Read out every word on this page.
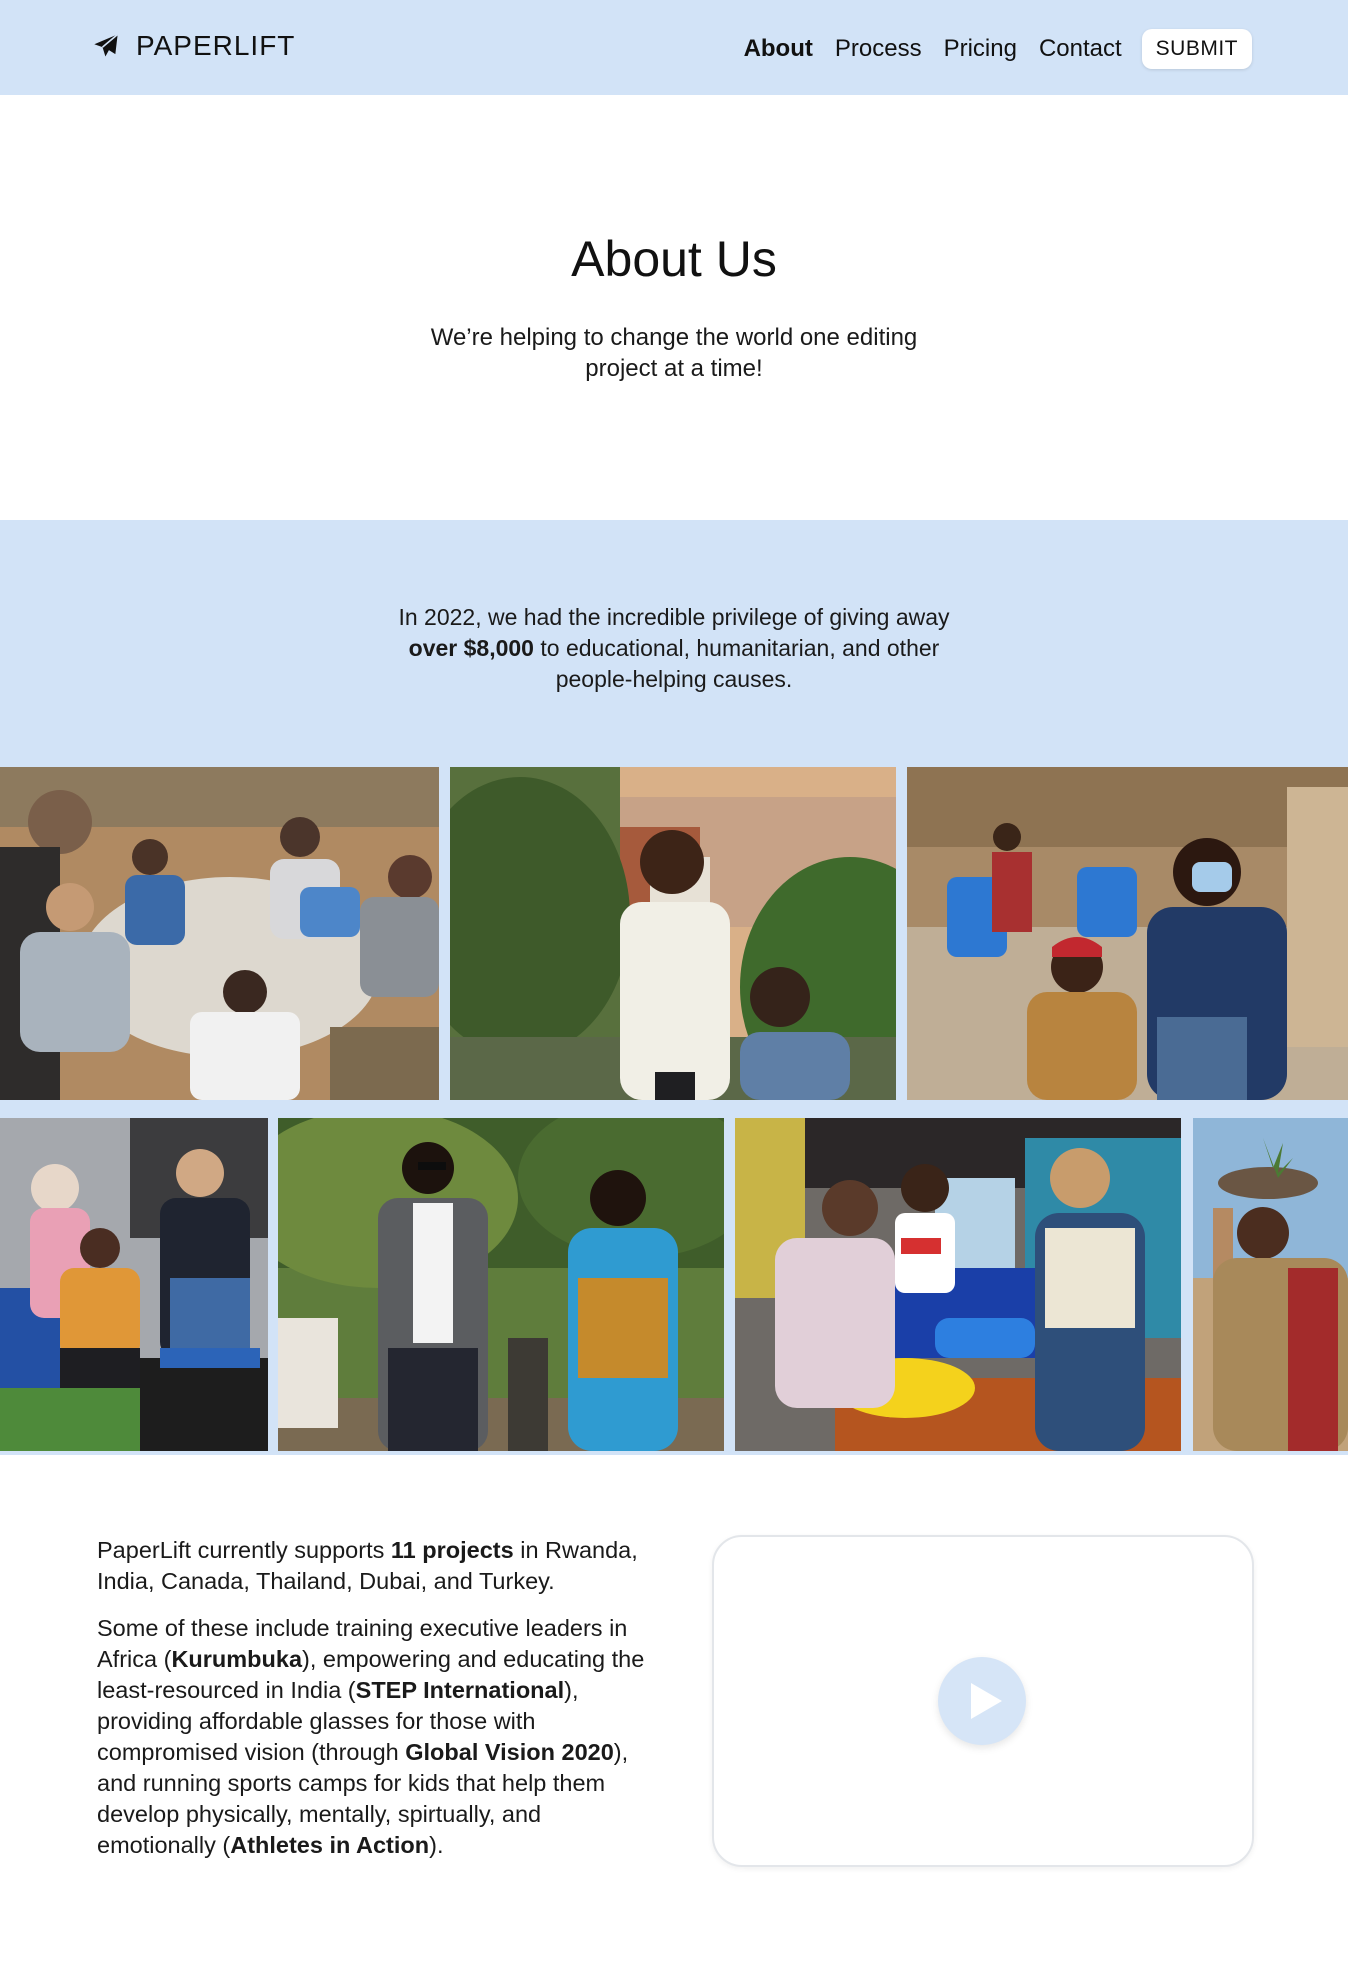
PAPERLIFT	About Process Pricing Contact	SUBMIT
About Us

We’re helping to change the world one editing project at a time!

In 2022, we had the incredible privilege of giving away over $8,000 to educational, humanitarian, and other people-helping causes.

PaperLift currently supports 11 projects in Rwanda, India, Canada, Thailand, Dubai, and Turkey.

Some of these include training executive leaders in Africa (Kurumbuka), empowering and educating the least-resourced in India (STEP International), providing affordable glasses for those with compromised vision (through Global Vision 2020), and running sports camps for kids that help them develop physically, mentally, spirtually, and emotionally (Athletes in Action).
